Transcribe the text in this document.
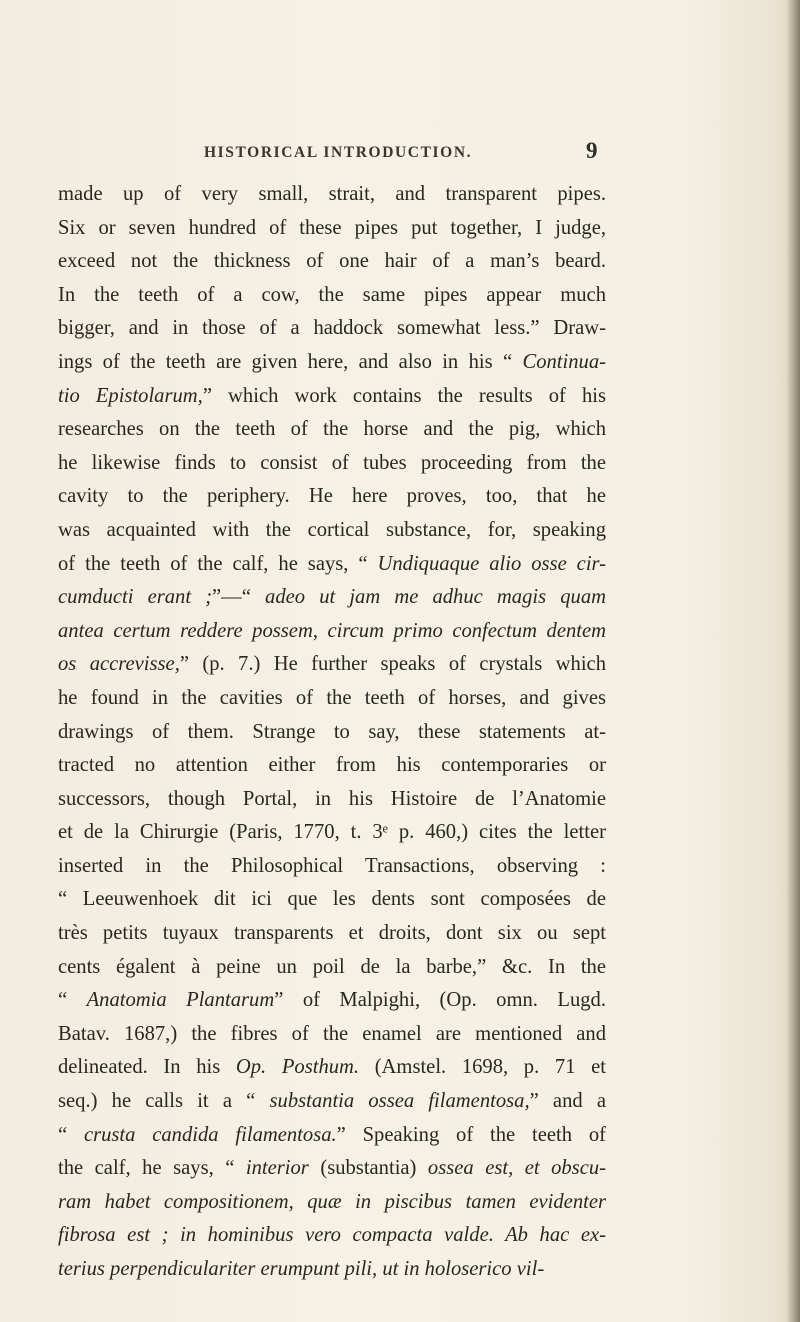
HISTORICAL INTRODUCTION.	9
made up of very small, strait, and transparent pipes.
Six or seven hundred of these pipes put together, I judge,
exceed not the thickness of one hair of a man’s beard.
In the teeth of a cow, the same pipes appear much
bigger, and in those of a haddock somewhat less.” Draw-
ings of the teeth are given here, and also in his “ Continua-
tio Epistolarum,” which work contains the results of his
researches on the teeth of the horse and the pig, which
he likewise finds to consist of tubes proceeding from the
cavity to the periphery. He here proves, too, that he
was acquainted with the cortical substance, for, speaking
of the teeth of the calf, he says, “ Undiquaque alio osse cir-
cumducti erant ;”—“ adeo ut jam me adhuc magis quam
antea certum reddere possem, circum primo confectum dentem
os accrevisse,” (p. 7.) He further speaks of crystals which
he found in the cavities of the teeth of horses, and gives
drawings of them. Strange to say, these statements at-
tracted no attention either from his contemporaries or
successors, though Portal, in his Histoire de l’Anatomie
et de la Chirurgie (Paris, 1770, t. 3ᵉ p. 460,) cites the letter
inserted in the Philosophical Transactions, observing :
“ Leeuwenhoek dit ici que les dents sont composées de
très petits tuyaux transparents et droits, dont six ou sept
cents égalent à peine un poil de la barbe,” &c. In the
“ Anatomia Plantarum” of Malpighi, (Op. omn. Lugd.
Batav. 1687,) the fibres of the enamel are mentioned and
delineated. In his Op. Posthum. (Amstel. 1698, p. 71 et
seq.) he calls it a “ substantia ossea filamentosa,” and a
“ crusta candida filamentosa.” Speaking of the teeth of
the calf, he says, “ interior (substantia) ossea est, et obscu-
ram habet compositionem, quæ in piscibus tamen evidenter
fibrosa est ; in hominibus vero compacta valde. Ab hac ex-
terius perpendiculariter erumpunt pili, ut in holoserico vil-
